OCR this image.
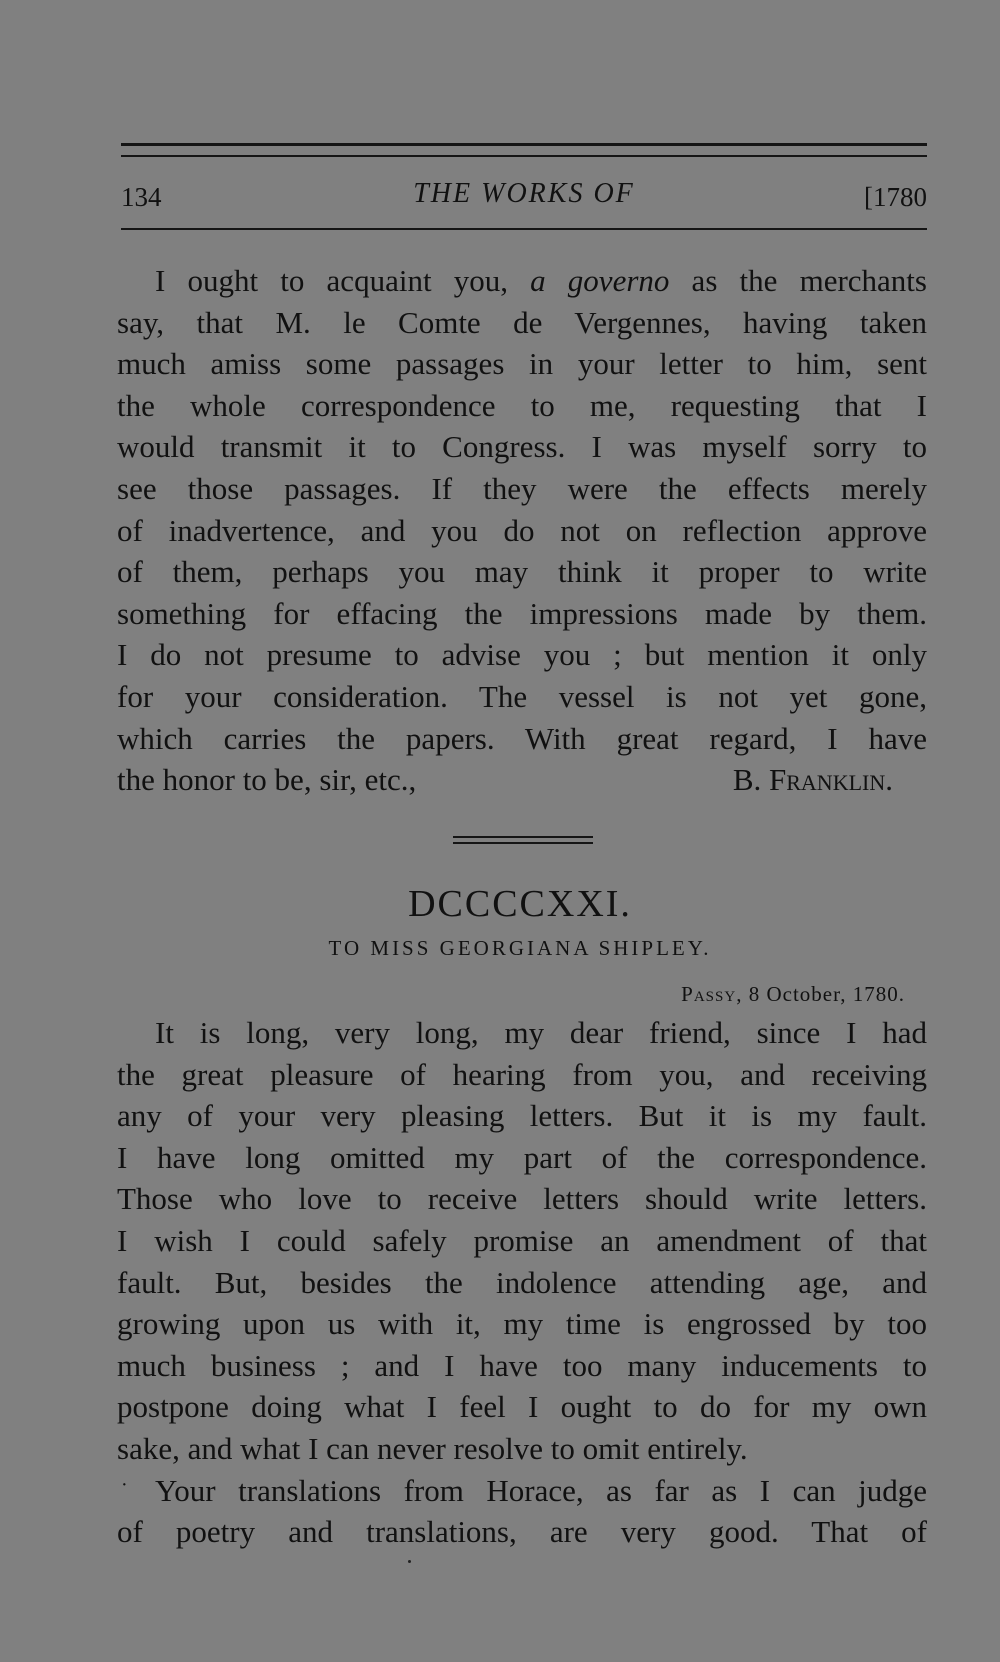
134	THE WORKS OF	[1780
I ought to acquaint you, a governo as the merchants
say, that M. le Comte de Vergennes, having taken
much amiss some passages in your letter to him, sent
the whole correspondence to me, requesting that I
would transmit it to Congress. I was myself sorry to
see those passages. If they were the effects merely
of inadvertence, and you do not on reflection approve
of them, perhaps you may think it proper to write
something for effacing the impressions made by them.
I do not presume to advise you ; but mention it only
for your consideration. The vessel is not yet gone,
which carries the papers. With great regard, I have
the honor to be, sir, etc.,	B. Franklin.
DCCCCXXI.
TO MISS GEORGIANA SHIPLEY.
Passy, 8 October, 1780.
It is long, very long, my dear friend, since I had
the great pleasure of hearing from you, and receiving
any of your very pleasing letters. But it is my fault.
I have long omitted my part of the correspondence.
Those who love to receive letters should write letters.
I wish I could safely promise an amendment of that
fault. But, besides the indolence attending age, and
growing upon us with it, my time is engrossed by too
much business ; and I have too many inducements to
postpone doing what I feel I ought to do for my own
sake, and what I can never resolve to omit entirely.
Your translations from Horace, as far as I can judge
of poetry and translations, are very good. That of
·
